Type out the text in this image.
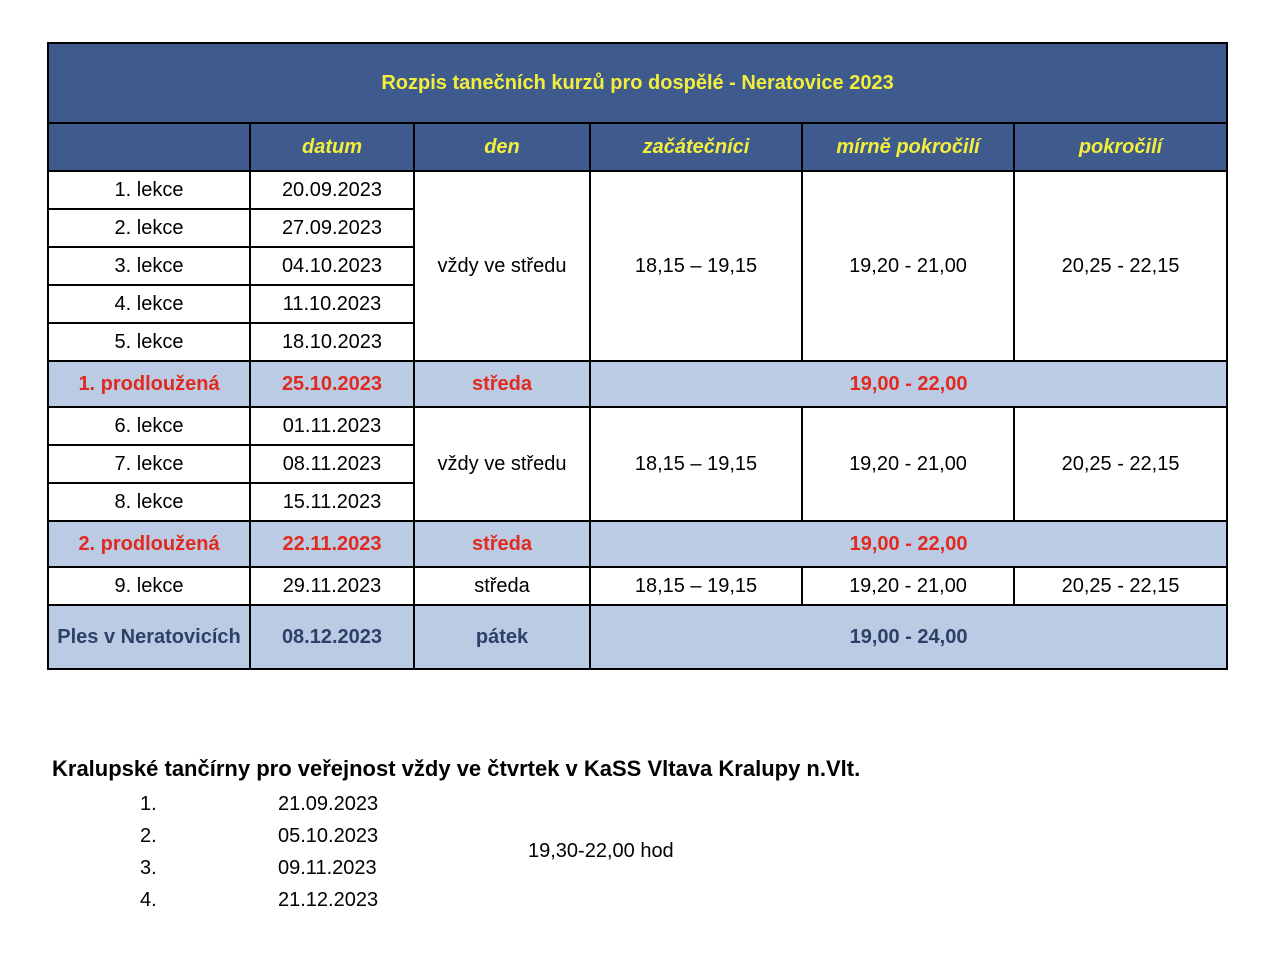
Rozpis tanečních kurzů pro dospělé - Neratovice 2023					
	datum	den	začátečníci	mírně pokročilí	pokročilí
1. lekce	20.09.2023	vždy ve středu	18,15 – 19,15	19,20 - 21,00	20,25 - 22,15
2. lekce	27.09.2023				
3. lekce	04.10.2023				
4. lekce	11.10.2023				
5. lekce	18.10.2023				
1. prodloužená	25.10.2023	středa	19,00 - 22,00		
6. lekce	01.11.2023	vždy ve středu	18,15 – 19,15	19,20 - 21,00	20,25 - 22,15
7. lekce	08.11.2023				
8. lekce	15.11.2023				
2. prodloužená	22.11.2023	středa	19,00 - 22,00		
9. lekce	29.11.2023	středa	18,15 – 19,15	19,20 - 21,00	20,25 - 22,15
Ples v Neratovicích	08.12.2023	pátek	19,00 - 24,00		
Kralupské tančírny pro veřejnost vždy ve čtvrtek v KaSS Vltava Kralupy n.Vlt.
1.	21.09.2023
2.	05.10.2023
3.	09.11.2023
4.	21.12.2023
19,30-22,00 hod
